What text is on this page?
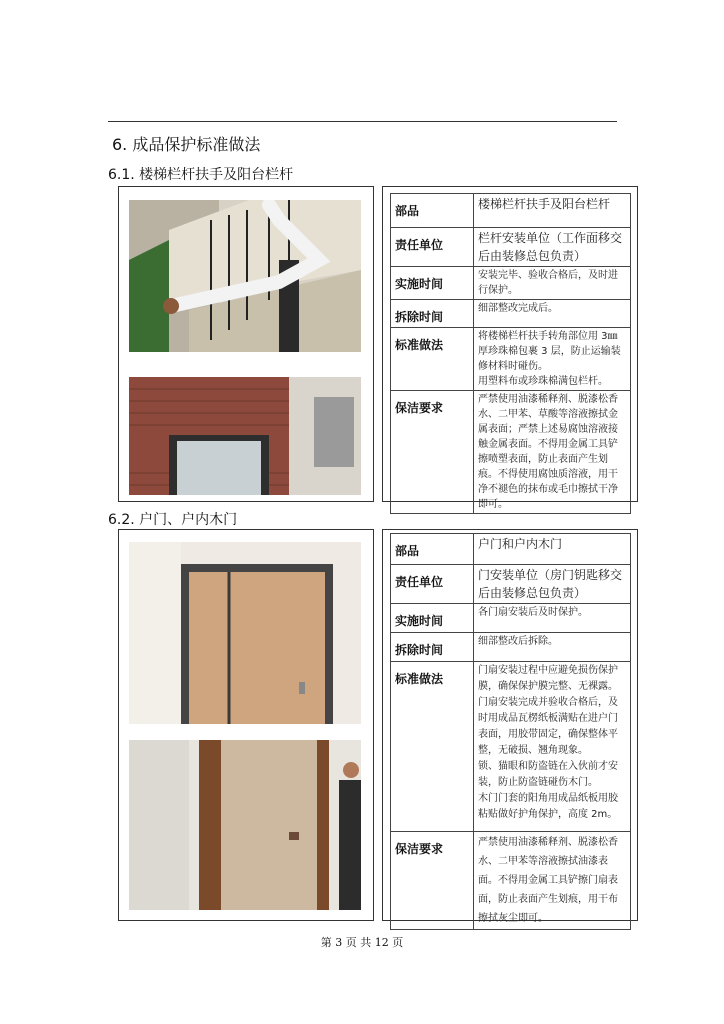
6. 成品保护标准做法
6.1. 楼梯栏杆扶手及阳台栏杆
部品	楼梯栏杆扶手及阳台栏杆
责任单位	栏杆安装单位（工作面移交后由装修总包负责）
实施时间	安装完毕、验收合格后，及时进行保护。
拆除时间	细部整改完成后。
标准做法	将楼梯栏杆扶手转角部位用 3㎜厚珍珠棉包裹 3 层，防止运输装修材料时碰伤。
用塑料布或珍珠棉满包栏杆。
保洁要求	严禁使用油漆稀释剂、脱漆松香水、二甲苯、草酸等溶液擦拭金属表面；严禁上述易腐蚀溶液接触金属表面。不得用金属工具铲擦喷塑表面，防止表面产生划痕。不得使用腐蚀质溶液，用干净不褪色的抹布或毛巾擦拭干净即可。
6.2. 户门、户内木门
部品	户门和户内木门
责任单位	门安装单位（房门钥匙移交后由装修总包负责）
实施时间	各门扇安装后及时保护。
拆除时间	细部整改后拆除。
标准做法	门扇安装过程中应避免损伤保护膜，确保保护膜完整、无裸露。门扇安装完成并验收合格后，及时用成品瓦楞纸板满贴在进户门表面，用胶带固定，确保整体平整，无破损、翘角现象。
锁、猫眼和防盗链在入伙前才安装，防止防盗链碰伤木门。
木门门套的阳角用成品纸板用胶粘贴做好护角保护，高度 2m。
保洁要求	严禁使用油漆稀释剂、脱漆松香水、二甲苯等溶液擦拭油漆表面。不得用金属工具铲擦门扇表面，防止表面产生划痕，用干布擦拭灰尘即可。
第 3 页 共 12 页
